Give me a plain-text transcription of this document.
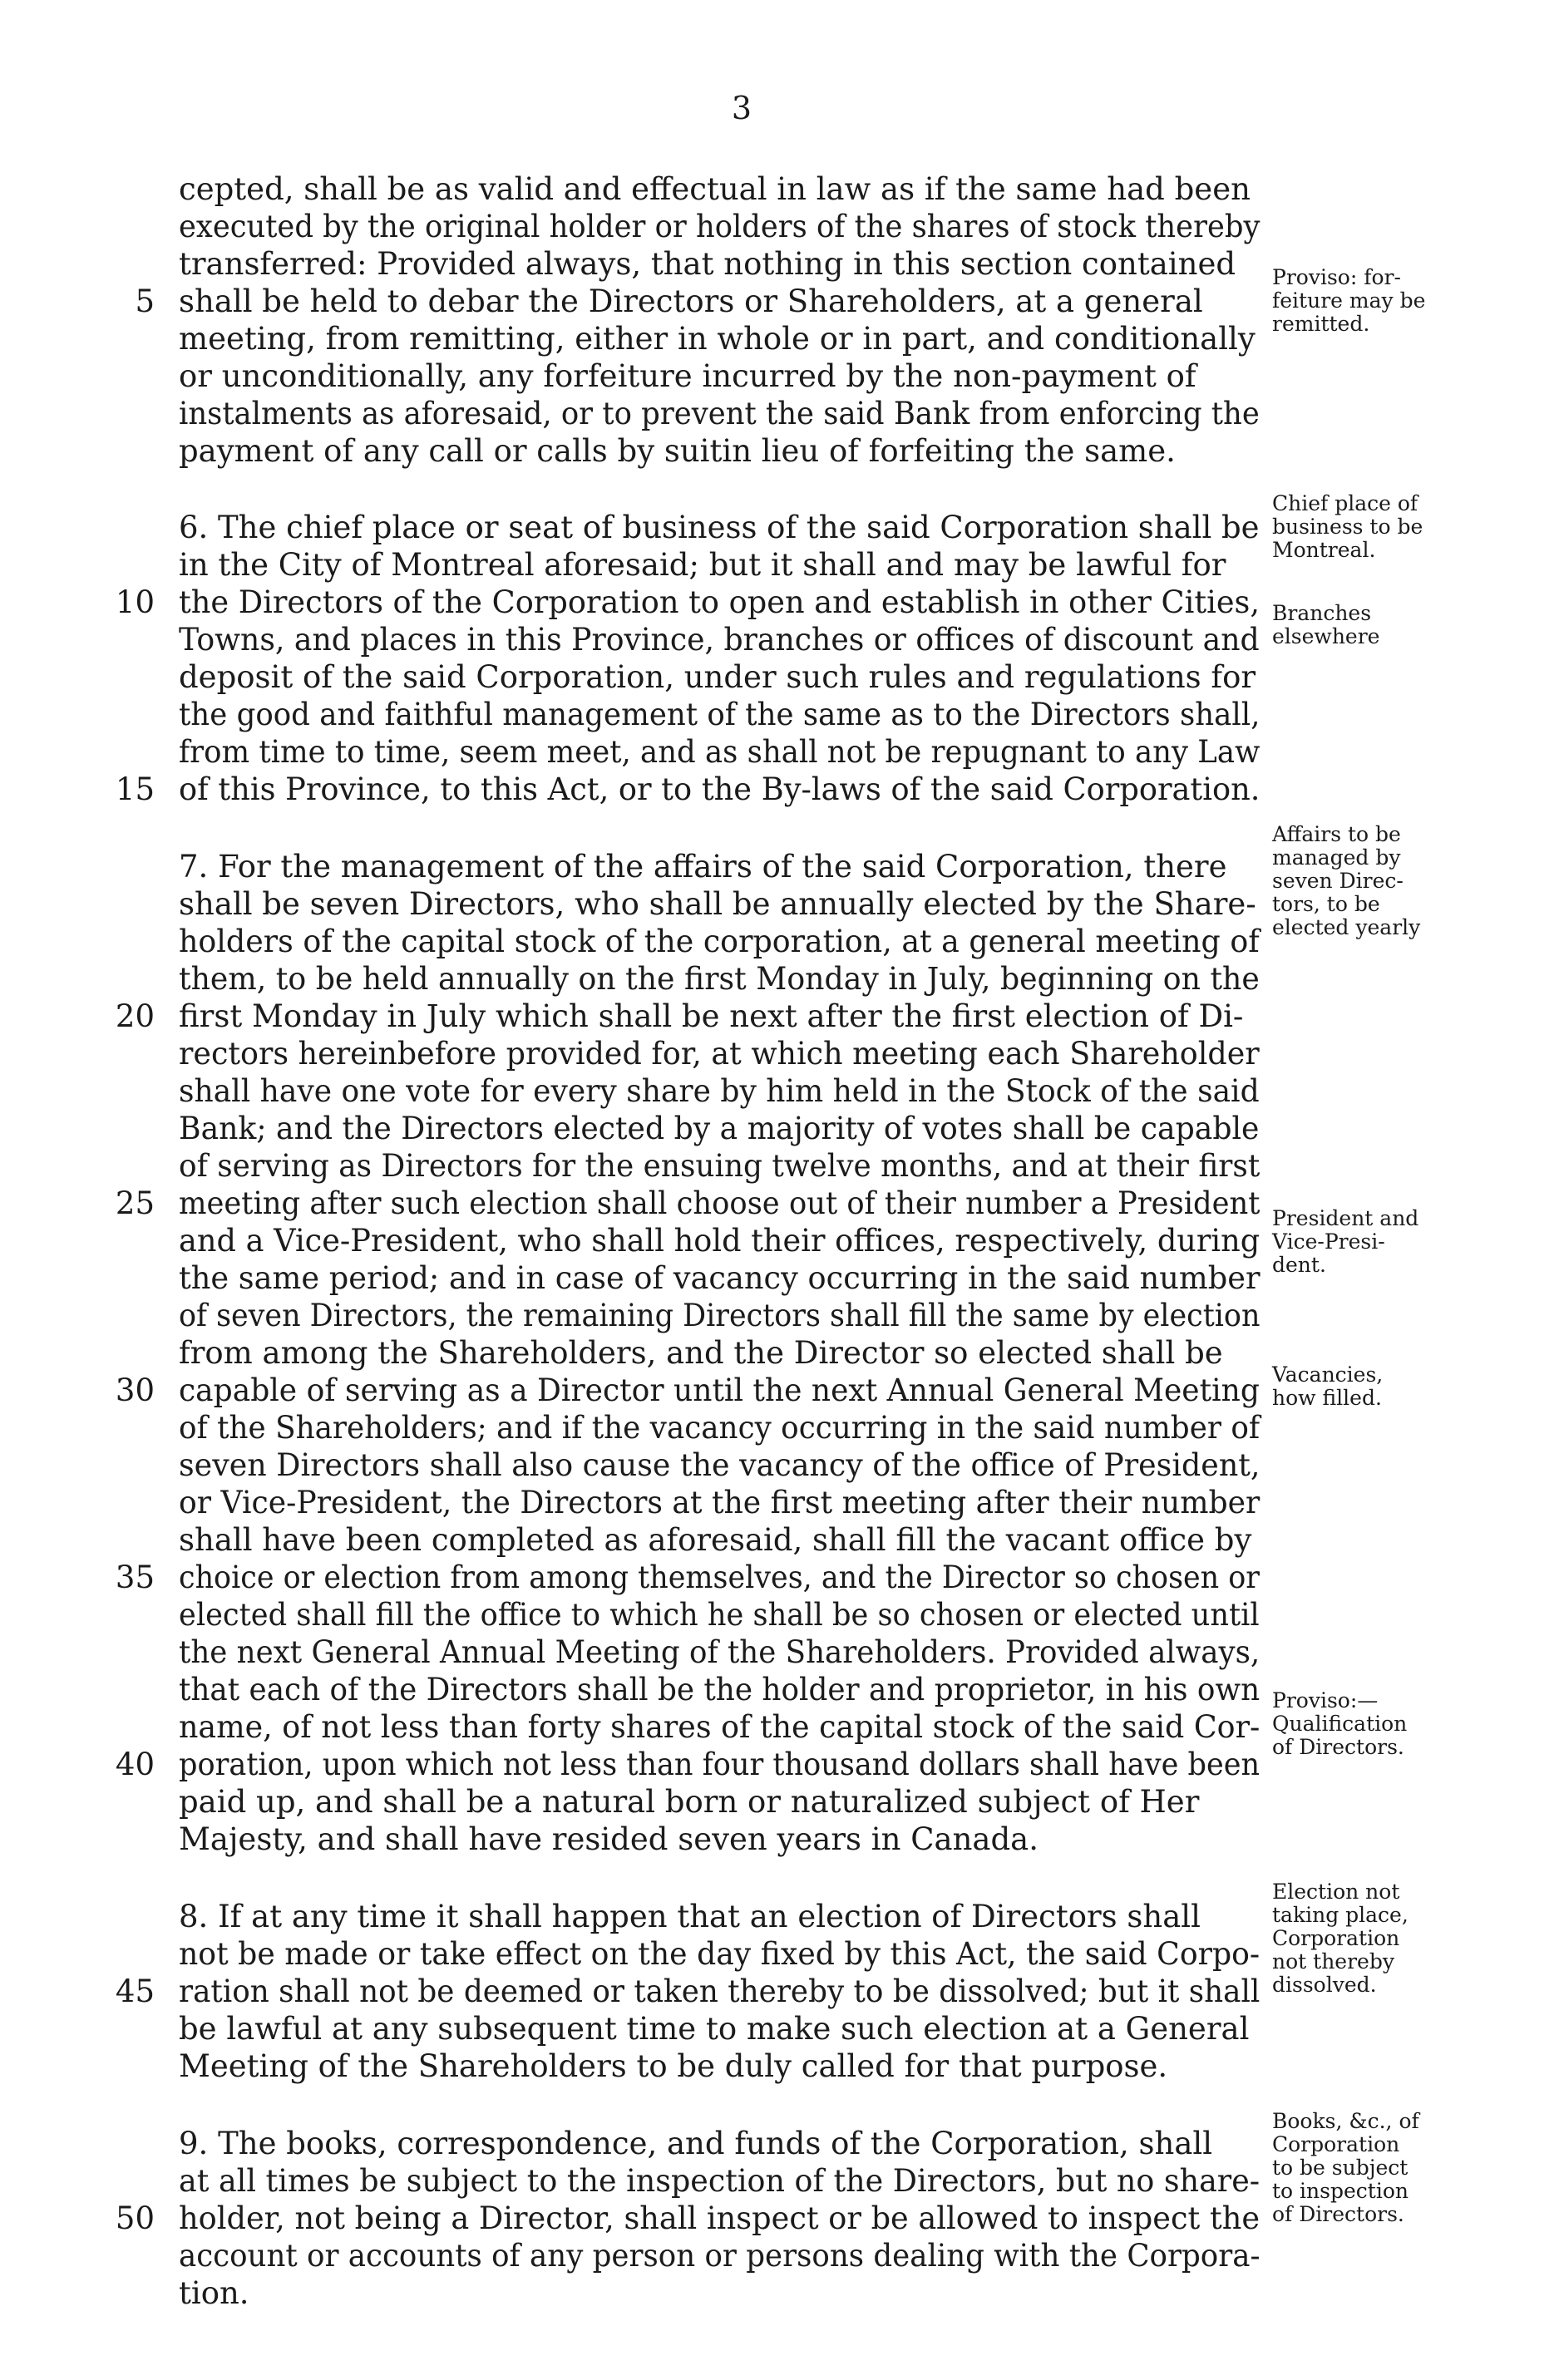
3
cepted, shall be as valid and effectual in law as if the same had been
executed by the original holder or holders of the shares of stock thereby
transferred: Provided always, that nothing in this section contained
shall be held to debar the Directors or Shareholders, at a general
meeting, from remitting, either in whole or in part, and conditionally
or unconditionally, any forfeiture incurred by the non-payment of
instalments as aforesaid, or to prevent the said Bank from enforcing the
payment of any call or calls by suitin lieu of forfeiting the same.
6. The chief place or seat of business of the said Corporation shall be
in the City of Montreal aforesaid; but it shall and may be lawful for
the Directors of the Corporation to open and establish in other Cities,
Towns, and places in this Province, branches or offices of discount and
deposit of the said Corporation, under such rules and regulations for
the good and faithful management of the same as to the Directors shall,
from time to time, seem meet, and as shall not be repugnant to any Law
of this Province, to this Act, or to the By-laws of the said Corporation.
7. For the management of the affairs of the said Corporation, there
shall be seven Directors, who shall be annually elected by the Share-
holders of the capital stock of the corporation, at a general meeting of
them, to be held annually on the first Monday in July, beginning on the
first Monday in July which shall be next after the first election of Di-
rectors hereinbefore provided for, at which meeting each Shareholder
shall have one vote for every share by him held in the Stock of the said
Bank; and the Directors elected by a majority of votes shall be capable
of serving as Directors for the ensuing twelve months, and at their first
meeting after such election shall choose out of their number a President
and a Vice-President, who shall hold their offices, respectively, during
the same period; and in case of vacancy occurring in the said number
of seven Directors, the remaining Directors shall fill the same by election
from among the Shareholders, and the Director so elected shall be
capable of serving as a Director until the next Annual General Meeting
of the Shareholders; and if the vacancy occurring in the said number of
seven Directors shall also cause the vacancy of the office of President,
or Vice-President, the Directors at the first meeting after their number
shall have been completed as aforesaid, shall fill the vacant office by
choice or election from among themselves, and the Director so chosen or
elected shall fill the office to which he shall be so chosen or elected until
the next General Annual Meeting of the Shareholders. Provided always,
that each of the Directors shall be the holder and proprietor, in his own
name, of not less than forty shares of the capital stock of the said Cor-
poration, upon which not less than four thousand dollars shall have been
paid up, and shall be a natural born or naturalized subject of Her
Majesty, and shall have resided seven years in Canada.
8. If at any time it shall happen that an election of Directors shall
not be made or take effect on the day fixed by this Act, the said Corpo-
ration shall not be deemed or taken thereby to be dissolved; but it shall
be lawful at any subsequent time to make such election at a General
Meeting of the Shareholders to be duly called for that purpose.
9. The books, correspondence, and funds of the Corporation, shall
at all times be subject to the inspection of the Directors, but no share-
holder, not being a Director, shall inspect or be allowed to inspect the
account or accounts of any person or persons dealing with the Corpora-
tion.
5
10
15
20
25
30
35
40
45
50
Proviso: for-
feiture may be
remitted.
Chief place of
business to be
Montreal.
Branches
elsewhere
Affairs to be
managed by
seven Direc-
tors, to be
elected yearly
President and
Vice-Presi-
dent.
Vacancies,
how filled.
Proviso:—
Qualification
of Directors.
Election not
taking place,
Corporation
not thereby
dissolved.
Books, &c., of
Corporation
to be subject
to inspection
of Directors.
